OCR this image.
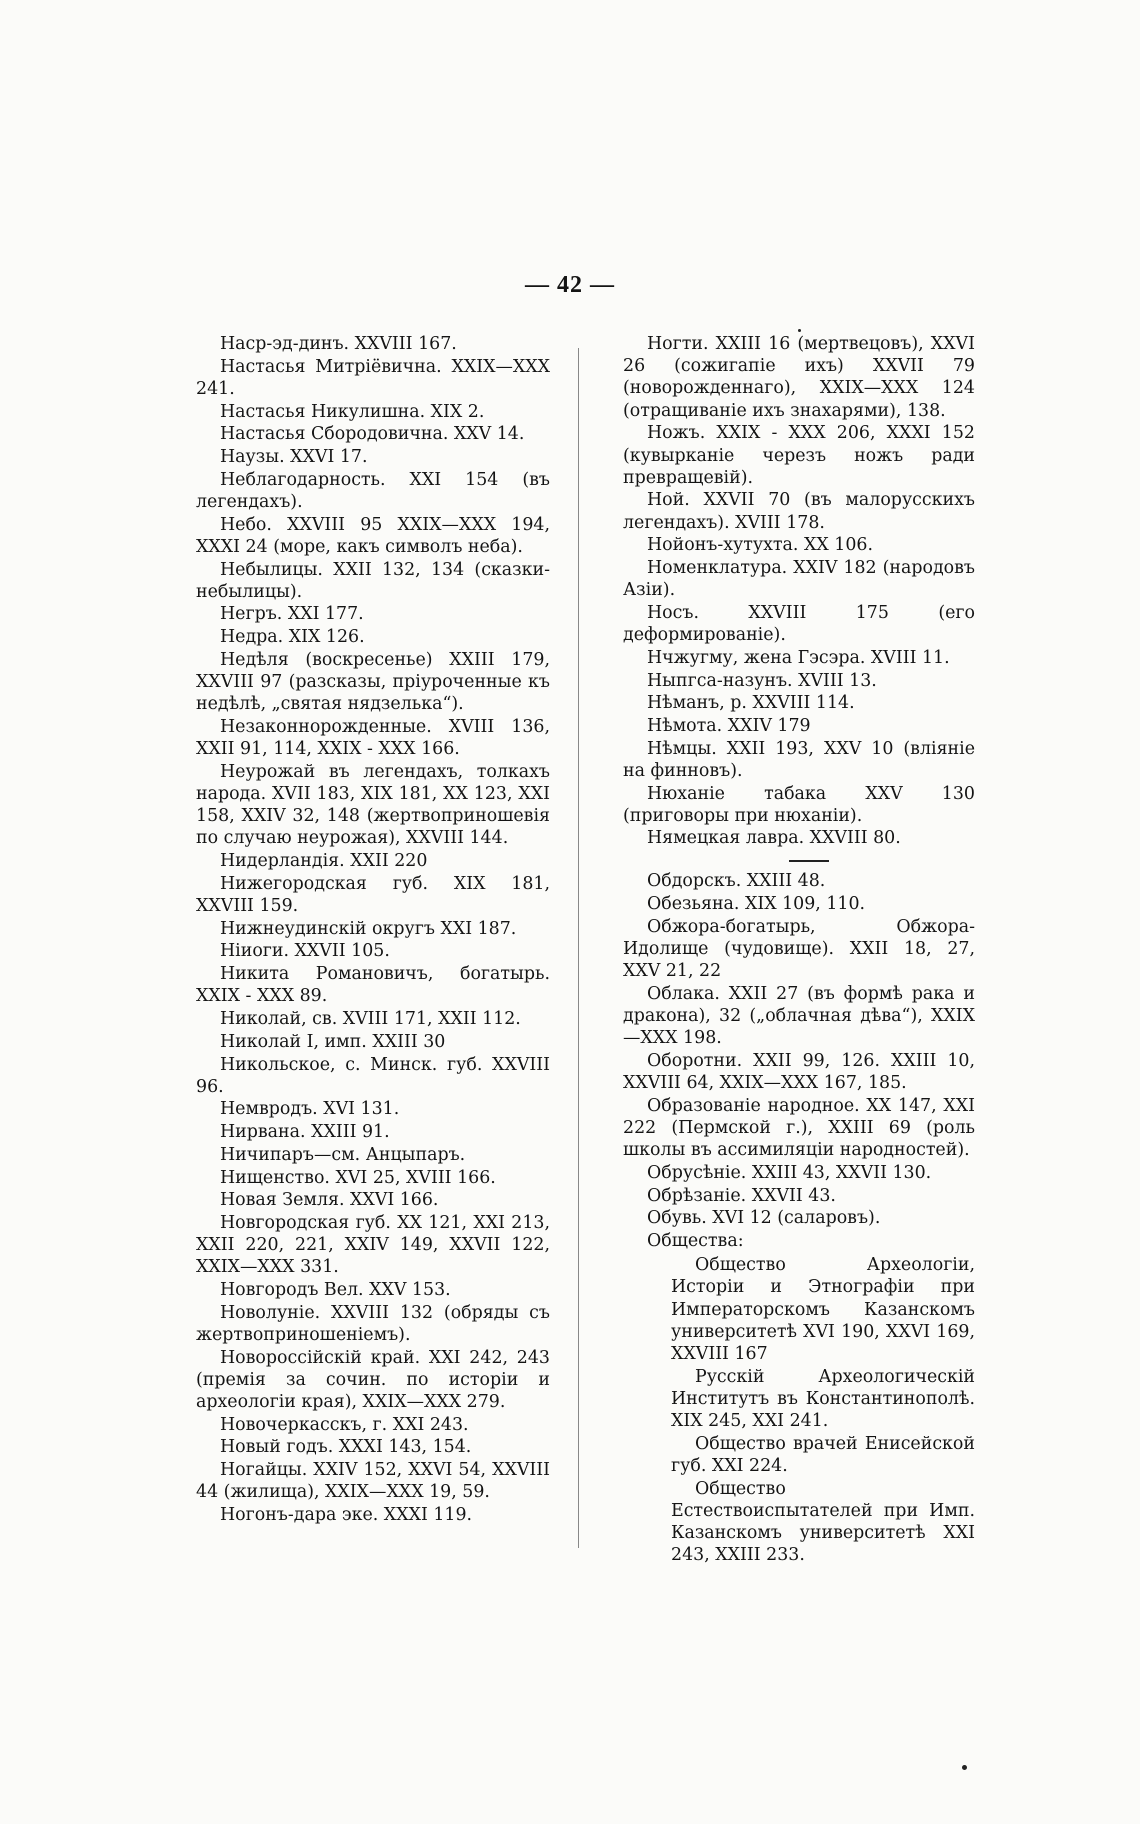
— 42 —

Наср-эд-динъ. XXVIII 167.

Настасья Митріёвична. XXIX—XXX 241.

Настасья Никулишна. XIX 2.

Настасья Сбородовична. XXV 14.

Наузы. XXVI 17.

Неблагодарность. XXI 154 (въ легендахъ).

Небо. XXVIII 95 XXIX—XXX 194, XXXI 24 (море, какъ символъ неба).

Небылицы. XXII 132, 134 (сказки-небылицы).

Негръ. XXI 177.

Недра. XIX 126.

Недѣля (воскресенье) XXIII 179, XXVIII 97 (разсказы, пріуроченные къ недѣлѣ, „святая нядзелька“).

Незаконнорожденные. XVIII 136, XXII 91, 114, XXIX - XXX 166.

Неурожай въ легендахъ, толкахъ народа. XVII 183, XIX 181, XX 123, XXI 158, XXIV 32, 148 (жертвоприношевія по случаю неурожая), XXVIII 144.

Нидерландія. XXII 220

Нижегородская губ. XIX 181, XXVIII 159.

Нижнеудинскій округъ XXI 187.

Ніиоги. XXVII 105.

Никита Романовичъ, богатырь. XXIX - XXX 89.

Николай, св. XVIII 171, XXII 112.

Николай I, имп. XXIII 30

Никольское, с. Минск. губ. XXVIII 96.

Немвродъ. XVI 131.

Нирвана. XXIII 91.

Ничипаръ—см. Анцыпаръ.

Нищенство. XVI 25, XVIII 166.

Новая Земля. XXVI 166.

Новгородская губ. XX 121, XXI 213, XXII 220, 221, XXIV 149, XXVII 122, XXIX—XXX 331.

Новгородъ Вел. XXV 153.

Новолуніе. XXVIII 132 (обряды съ жертвоприношеніемъ).

Новороссійскій край. XXI 242, 243 (премія за сочин. по исторіи и археологіи края), XXIX—XXX 279.

Новочеркасскъ, г. XXI 243.

Новый годъ. XXXI 143, 154.

Ногайцы. XXIV 152, XXVI 54, XXVIII 44 (жилища), XXIX—XXX 19, 59.

Ногонъ-дара эке. XXXI 119.

Ногти. XXIII 16 (мертвецовъ), XXVI 26 (сожигапіе ихъ) XXVII 79 (новорожденнаго), XXIX—XXX 124 (отращиваніе ихъ знахарями), 138.

Ножъ. XXIX - XXX 206, XXXI 152 (кувырканіе черезъ ножъ ради превращевій).

Ной. XXVII 70 (въ малорусскихъ легендахъ). XVIII 178.

Нойонъ-хутухта. XX 106.

Номенклатура. XXIV 182 (народовъ Азіи).

Носъ. XXVIII 175 (его деформированіе).

Нчжугму, жена Гэсэра. XVIII 11.

Ныпгса-назунъ. XVIII 13.

Нѣманъ, р. XXVIII 114.

Нѣмота. XXIV 179

Нѣмцы. XXII 193, XXV 10 (вліяніе на финновъ).

Нюханіе табака XXV 130 (приговоры при нюханіи).

Нямецкая лавра. XXVIII 80.

Обдорскъ. XXIII 48.

Обезьяна. XIX 109, 110.

Обжора-богатырь, Обжора-Идолище (чудовище). XXII 18, 27, XXV 21, 22

Облака. XXII 27 (въ формѣ рака и дракона), 32 („облачная дѣва“), XXIX—XXX 198.

Оборотни. XXII 99, 126. XXIII 10, XXVIII 64, XXIX—XXX 167, 185.

Образованіе народное. XX 147, XXI 222 (Пермской г.), XXIII 69 (роль школы въ ассимиляціи народностей).

Обрусѣніе. XXIII 43, XXVII 130.

Обрѣзаніе. XXVII 43.

Обувь. XVI 12 (саларовъ).

Общества:

Общество Археологіи, Исторіи и Этнографіи при Императорскомъ Казанскомъ университетѣ XVI 190, XXVI 169, XXVIII 167

Русскій Археологическій Институтъ въ Константинополѣ. XIX 245, XXI 241.

Общество врачей Енисейской губ. XXI 224.

Общество Естествоиспытателей при Имп. Казанскомъ университетѣ XXI 243, XXIII 233.
